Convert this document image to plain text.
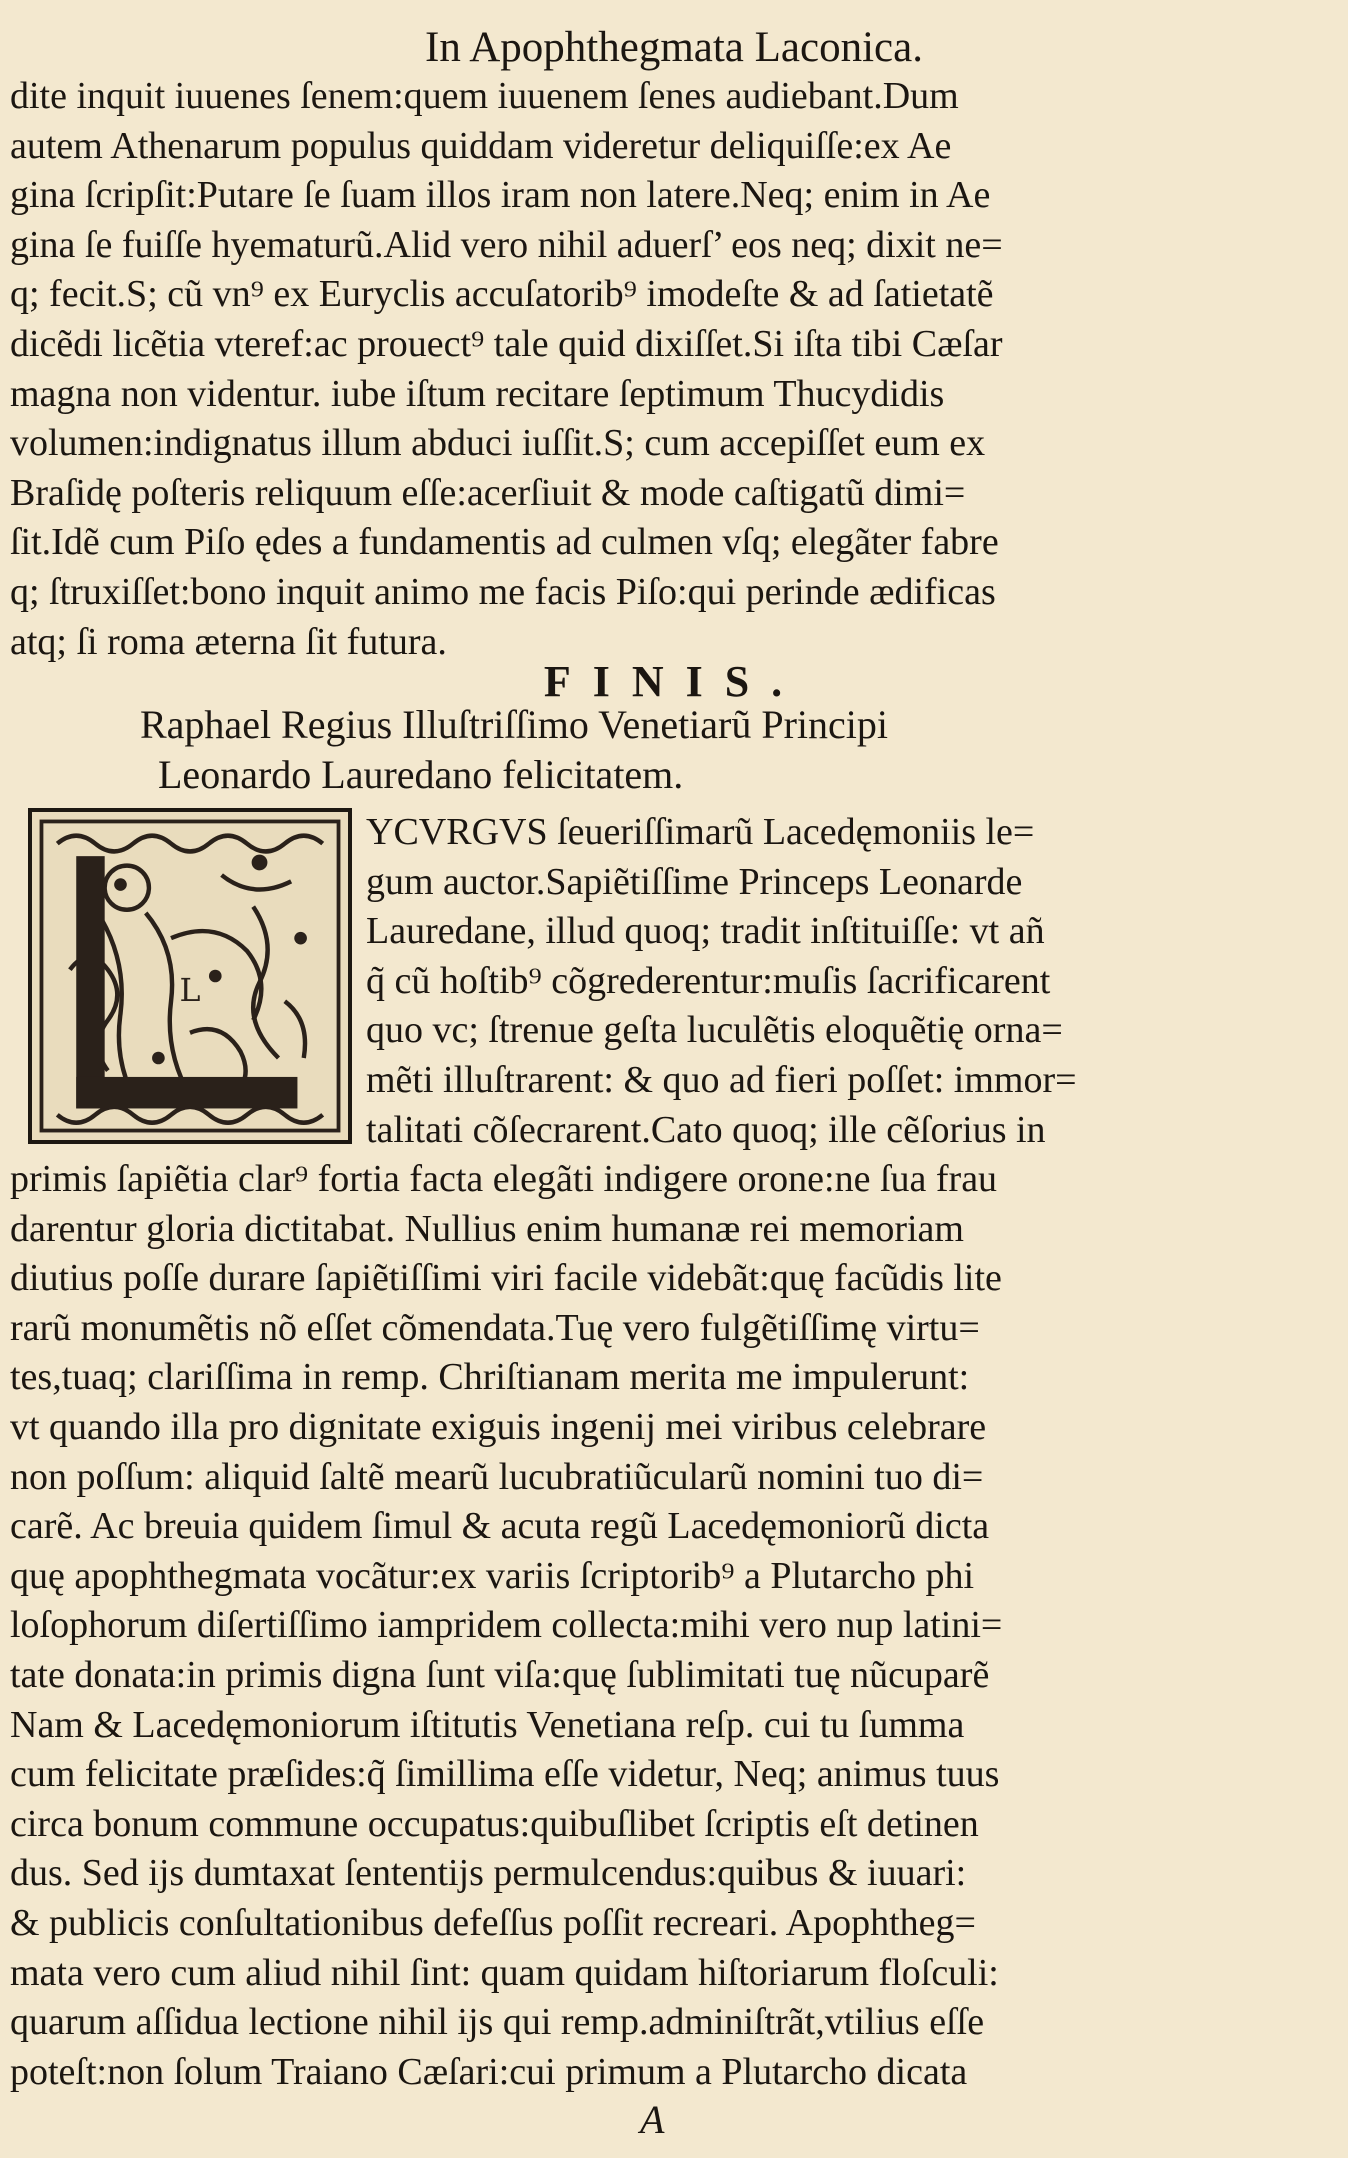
In Apophthegmata Laconica.
dite inquit iuuenes ſenem:quem iuuenem ſenes audiebant.Dum
autem Athenarum populus quiddam videretur deliquiſſe:ex Ae
gina ſcripſit:Putare ſe ſuam illos iram non latere.Neq; enim in Ae
gina ſe fuiſſe hyematurũ.Alid vero nihil aduerſ’ eos neq; dixit ne=
q; fecit.S; cũ vn⁹ ex Euryclis accuſatorib⁹ imodeſte & ad ſatietatẽ
dicẽdi licẽtia vteref:ac prouect⁹ tale quid dixiſſet.Si iſta tibi Cæſar
magna non videntur. iube iſtum recitare ſeptimum Thucydidis
volumen:indignatus illum abduci iuſſit.S; cum accepiſſet eum ex
Braſidę poſteris reliquum eſſe:acerſiuit & mode caſtigatũ dimi=
ſit.Idẽ cum Piſo ędes a fundamentis ad culmen vſq; elegãter fabre
q; ſtruxiſſet:bono inquit animo me facis Piſo:qui perinde ædificas
atq; ſi roma æterna ſit futura.
FINIS.
Raphael Regius Illuſtriſſimo Venetiarũ Principi
Leonardo Lauredano felicitatem.
L
YCVRGVS ſeueriſſimarũ Lacedęmoniis le=
gum auctor.Sapiẽtiſſime Princeps Leonarde
Lauredane, illud quoq; tradit inſtituiſſe: vt añ
q̃ cũ hoſtib⁹ cõgrederentur:muſis ſacrificarent
quo vc; ſtrenue geſta luculẽtis eloquẽtię orna=
mẽti illuſtrarent: & quo ad fieri poſſet: immor=
talitati cõſecrarent.Cato quoq; ille cẽſorius in
primis ſapiẽtia clar⁹ fortia facta elegãti indigere orone:ne ſua frau
darentur gloria dictitabat. Nullius enim humanæ rei memoriam
diutius poſſe durare ſapiẽtiſſimi viri facile videbãt:quę facũdis lite
rarũ monumẽtis nõ eſſet cõmendata.Tuę vero fulgẽtiſſimę virtu=
tes,tuaq; clariſſima in remp. Chriſtianam merita me impulerunt:
vt quando illa pro dignitate exiguis ingenij mei viribus celebrare
non poſſum: aliquid ſaltẽ mearũ lucubratiũcularũ nomini tuo di=
carẽ. Ac breuia quidem ſimul & acuta regũ Lacedęmoniorũ dicta
quę apophthegmata vocãtur:ex variis ſcriptorib⁹ a Plutarcho phi
loſophorum diſertiſſimo iampridem collecta:mihi vero nup latini=
tate donata:in primis digna ſunt viſa:quę ſublimitati tuę nũcuparẽ
Nam & Lacedęmoniorum iſtitutis Venetiana reſp. cui tu ſumma
cum felicitate præſides:q̃ ſimillima eſſe videtur, Neq; animus tuus
circa bonum commune occupatus:quibuſlibet ſcriptis eſt detinen
dus. Sed ijs dumtaxat ſententijs permulcendus:quibus & iuuari:
& publicis conſultationibus defeſſus poſſit recreari. Apophtheg=
mata vero cum aliud nihil ſint: quam quidam hiſtoriarum floſculi:
quarum aſſidua lectione nihil ijs qui remp.adminiſtrãt,vtilius eſſe
poteſt:non ſolum Traiano Cæſari:cui primum a Plutarcho dicata
A
